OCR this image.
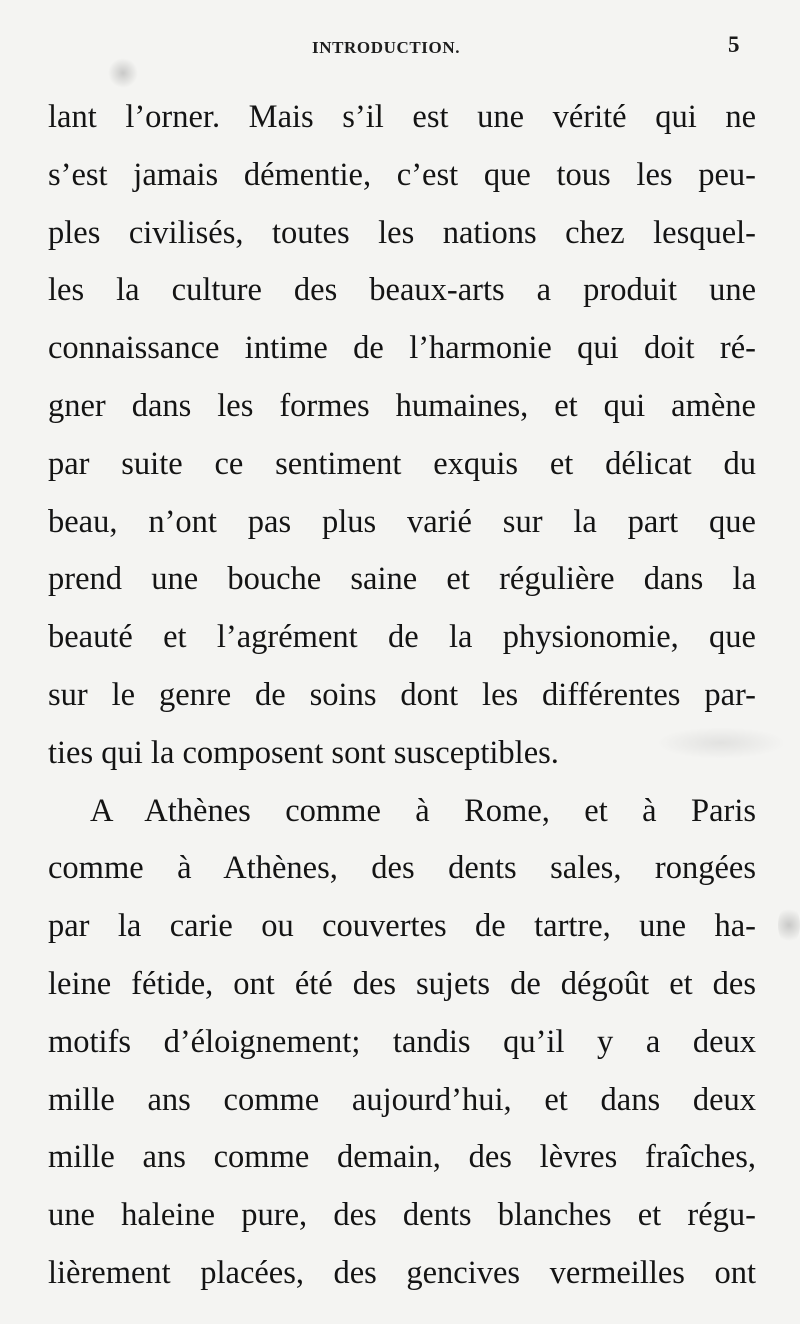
INTRODUCTION.	5
lant l’orner. Mais s’il est une vérité qui ne
s’est jamais démentie, c’est que tous les peu-
ples civilisés, toutes les nations chez lesquel-
les la culture des beaux-arts a produit une
connaissance intime de l’harmonie qui doit ré-
gner dans les formes humaines, et qui amène
par suite ce sentiment exquis et délicat du
beau, n’ont pas plus varié sur la part que
prend une bouche saine et régulière dans la
beauté et l’agrément de la physionomie, que
sur le genre de soins dont les différentes par-
ties qui la composent sont susceptibles.
A Athènes comme à Rome, et à Paris
comme à Athènes, des dents sales, rongées
par la carie ou couvertes de tartre, une ha-
leine fétide, ont été des sujets de dégoût et des
motifs d’éloignement; tandis qu’il y a deux
mille ans comme aujourd’hui, et dans deux
mille ans comme demain, des lèvres fraîches,
une haleine pure, des dents blanches et régu-
lièrement placées, des gencives vermeilles ont
